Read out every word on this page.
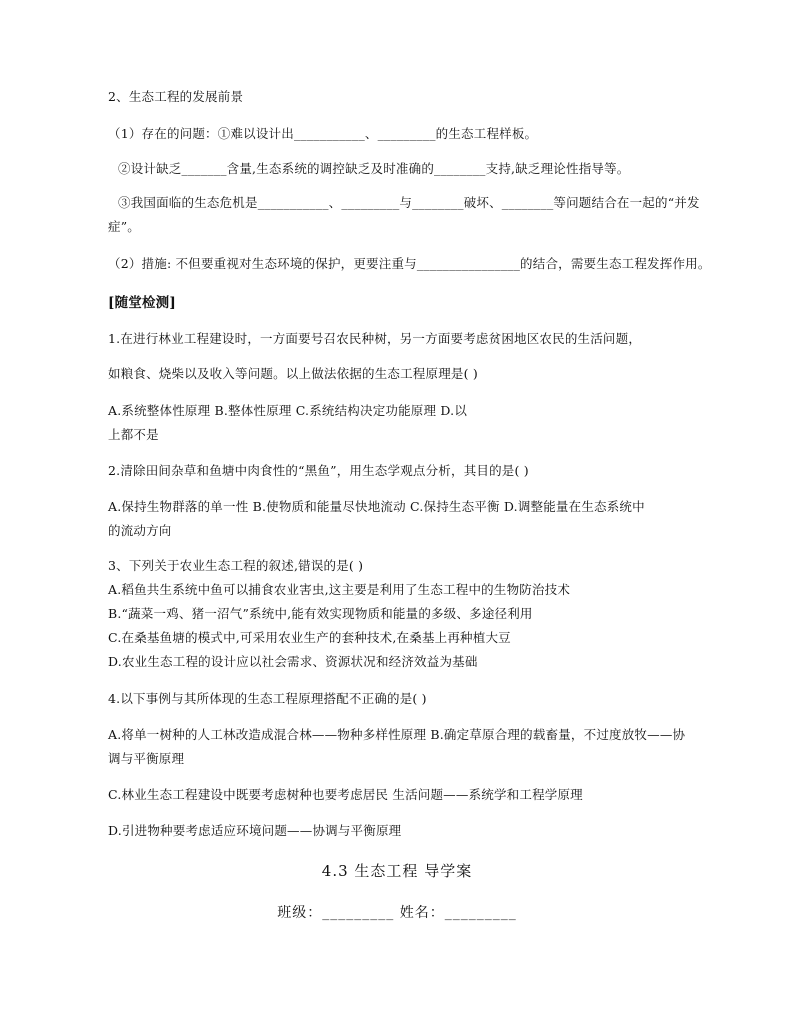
2、生态工程的发展前景
（1）存在的问题：①难以设计出___________、_________的生态工程样板。
②设计缺乏_______含量,生态系统的调控缺乏及时准确的________支持,缺乏理论性指导等。
③我国面临的生态危机是___________、_________与________破坏、________等问题结合在一起的“并发
症”。
（2）措施: 不但要重视对生态环境的保护，更要注重与________________的结合，需要生态工程发挥作用。
[随堂检测]
1.在进行林业工程建设时，一方面要号召农民种树，另一方面要考虑贫困地区农民的生活问题，
如粮食、烧柴以及收入等问题。以上做法依据的生态工程原理是( )
A.系统整体性原理 B.整体性原理 C.系统结构决定功能原理 D.以
上都不是
2.清除田间杂草和鱼塘中肉食性的“黑鱼”，用生态学观点分析，其目的是( )
A.保持生物群落的单一性 B.使物质和能量尽快地流动 C.保持生态平衡 D.调整能量在生态系统中
的流动方向
3、下列关于农业生态工程的叙述,错误的是( )
A.稻鱼共生系统中鱼可以捕食农业害虫,这主要是利用了生态工程中的生物防治技术
B.“蔬菜一鸡、猪一沼气”系统中,能有效实现物质和能量的多级、多途径利用
C.在桑基鱼塘的模式中,可采用农业生产的套种技术,在桑基上再种植大豆
D.农业生态工程的设计应以社会需求、资源状况和经济效益为基础
4.以下事例与其所体现的生态工程原理搭配不正确的是( )
A.将单一树种的人工林改造成混合林——物种多样性原理 B.确定草原合理的载畜量，不过度放牧——协
调与平衡原理
C.林业生态工程建设中既要考虑树种也要考虑居民 生活问题——系统学和工程学原理
D.引进物种要考虑适应环境问题——协调与平衡原理
4.3 生态工程 导学案
班级：_________ 姓名：_________
